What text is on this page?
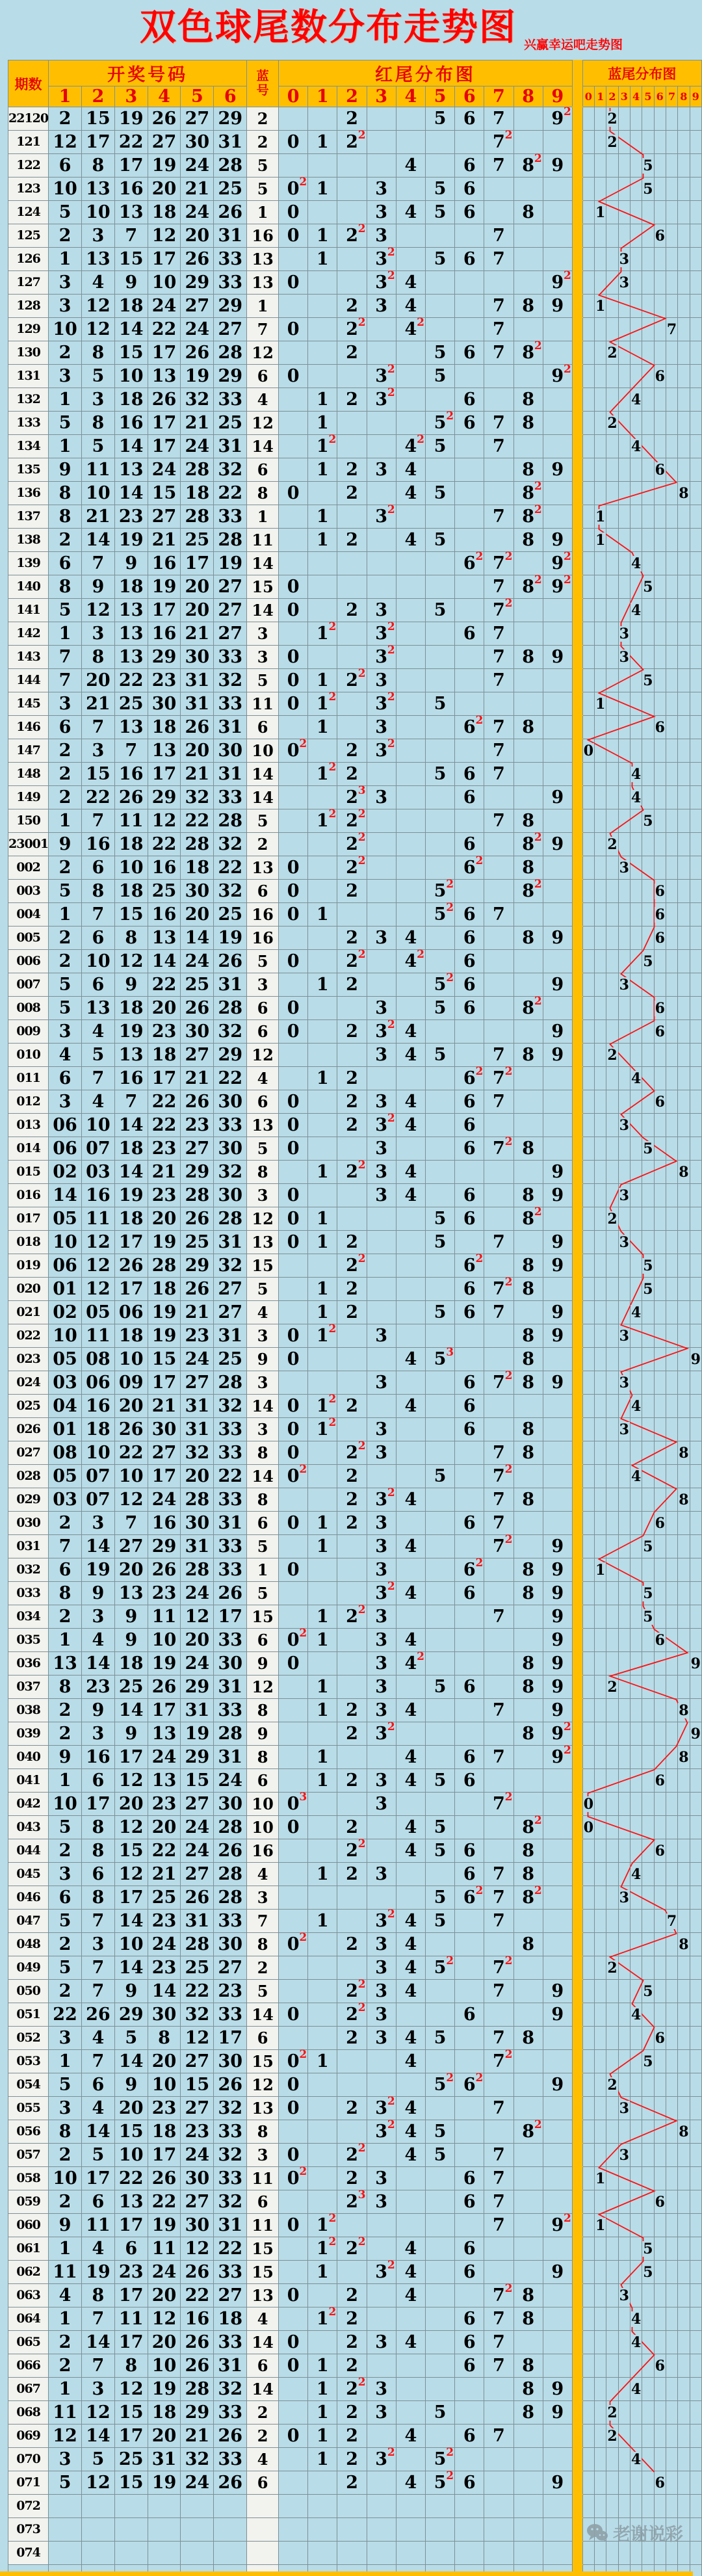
双色球尾数分布走势图 兴赢幸运吧走势图
期数	开奖号码						蓝
号	红尾分布图											蓝尾分布图									
	1	2	3	4	5	6		0	1	2	3	4	5	6	7	8	9		0	1	2	3	4	5	6	7	8	9
22120	2	15	19	26	27	29	2			2			5	6	7		9 2				2							
121	12	17	22	27	30	31	2	0	1	2 2					7 2						2							
122	6	8	17	19	24	28	5					4		6	7	8 2	9							5				
123	10	13	16	20	21	25	5	0 2	1		3		5	6										5				
124	5	10	13	18	24	26	1	0			3	4	5	6		8				1								
125	2	3	7	12	20	31	16	0	1	2 2	3				7										6			
126	1	13	15	17	26	33	13		1		3 2		5	6	7							3						
127	3	4	9	10	29	33	13	0			3 2	4					9 2					3						
128	3	12	18	24	27	29	1			2	3	4			7	8	9			1								
129	10	12	14	22	24	27	7	0		2 2		4 2			7											7		
130	2	8	15	17	26	28	12			2			5	6	7	8 2					2							
131	3	5	10	13	19	29	6	0			3 2		5				9 2								6			
132	1	3	18	26	32	33	4		1	2	3 2			6		8							4					
133	5	8	16	17	21	25	12		1				5 2	6	7	8					2							
134	1	5	14	17	24	31	14		1 2			4 2	5		7								4					
135	9	11	13	24	28	32	6		1	2	3	4				8	9								6			
136	8	10	14	15	18	22	8	0		2		4	5			8 2											8	
137	8	21	23	27	28	33	1		1		3 2				7	8 2				1								
138	2	14	19	21	25	28	11		1	2		4	5			8	9			1								
139	6	7	9	16	17	19	14							6 2	7 2		9 2						4					
140	8	9	18	19	20	27	15	0							7	8 2	9 2							5				
141	5	12	13	17	20	27	14	0		2	3		5		7 2								4					
142	1	3	13	16	21	27	3		1 2		3 2			6	7							3						
143	7	8	13	29	30	33	3	0			3 2				7	8	9					3						
144	7	20	22	23	31	32	5	0	1	2 2	3				7									5				
145	3	21	25	30	31	33	11	0	1 2		3 2		5							1								
146	6	7	13	18	26	31	6		1		3			6 2	7	8									6			
147	2	3	7	13	20	30	10	0 2		2	3 2				7				0									
148	2	15	16	17	21	31	14		1 2	2			5	6	7								4					
149	2	22	26	29	32	33	14			2 3	3			6			9						4					
150	1	7	11	12	22	28	5		1 2	2 2					7	8								5				
23001	9	16	18	22	28	32	2			2 2				6		8 2	9				2							
002	2	6	10	16	18	22	13	0		2 2				6 2		8						3						
003	5	8	18	25	30	32	6	0		2			5 2			8 2									6			
004	1	7	15	16	20	25	16	0	1				5 2	6	7										6			
005	2	6	8	13	14	19	16			2	3	4		6		8	9								6			
006	2	10	12	14	24	26	5	0		2 2		4 2		6										5				
007	5	6	9	22	25	31	3		1	2			5 2	6			9					3						
008	5	13	18	20	26	28	6	0			3		5	6		8 2									6			
009	3	4	19	23	30	32	6	0		2	3 2	4					9								6			
010	4	5	13	18	27	29	12				3	4	5		7	8	9				2							
011	6	7	16	17	21	22	4		1	2				6 2	7 2								4					
012	3	4	7	22	26	30	6	0		2	3	4		6	7										6			
013	06	10	14	22	23	33	13	0		2	3 2	4		6								3						
014	06	07	18	23	27	30	5	0			3			6	7 2	8								5				
015	02	03	14	21	29	32	8		1	2 2	3	4					9										8	
016	14	16	19	23	28	30	3	0			3	4		6		8	9					3						
017	05	11	18	20	26	28	12	0	1				5	6		8 2					2							
018	10	12	17	19	25	31	13	0	1	2			5		7		9					3						
019	06	12	26	28	29	32	15			2 2				6 2		8	9							5				
020	01	12	17	18	26	27	5		1	2				6	7 2	8								5				
021	02	05	06	19	21	27	4		1	2			5	6	7		9						4					
022	10	11	18	19	23	31	3	0	1 2		3					8	9					3						
023	05	08	10	15	24	25	9	0				4	5 3			8												9
024	03	06	09	17	27	28	3				3			6	7 2	8	9					3						
025	04	16	20	21	31	32	14	0	1 2	2		4		6									4					
026	01	18	26	30	31	33	3	0	1 2		3			6		8						3						
027	08	10	22	27	32	33	8	0		2 2	3				7	8											8	
028	05	07	10	17	20	22	14	0 2		2			5		7 2								4					
029	03	07	12	24	28	33	8			2	3 2	4			7	8											8	
030	2	3	7	16	30	31	6	0	1	2	3			6	7										6			
031	7	14	27	29	31	33	5		1		3	4			7 2		9							5				
032	6	19	20	26	28	33	1	0			3			6 2		8	9			1								
033	8	9	13	23	24	26	5				3 2	4		6		8	9							5				
034	2	3	9	11	12	17	15		1	2 2	3				7		9							5				
035	1	4	9	10	20	33	6	0 2	1		3	4					9								6			
036	13	14	18	19	24	30	9	0			3	4 2				8	9											9
037	8	23	25	26	29	31	12		1		3		5	6		8	9				2							
038	2	9	14	17	31	33	8		1	2	3	4			7		9										8	
039	2	3	9	13	19	28	9			2	3 2					8	9 2											9
040	9	16	17	24	29	31	8		1			4		6	7		9 2										8	
041	1	6	12	13	15	24	6		1	2	3	4	5	6											6			
042	10	17	20	23	27	30	10	0 3			3				7 2				0									
043	5	8	12	20	24	28	10	0		2		4	5			8 2			0									
044	2	8	15	22	24	26	16			2 2		4	5	6		8									6			
045	3	6	12	21	27	28	4		1	2	3			6	7	8							4					
046	6	8	17	25	26	28	3						5	6 2	7	8 2						3						
047	5	7	14	23	31	33	7		1		3 2	4	5		7											7		
048	2	3	10	24	28	30	8	0 2		2	3	4				8											8	
049	5	7	14	23	25	27	2				3	4	5 2		7 2						2							
050	2	7	9	14	22	23	5			2 2	3	4			7		9							5				
051	22	26	29	30	32	33	14	0		2 2	3			6			9						4					
052	3	4	5	8	12	17	6			2	3	4	5		7	8									6			
053	1	7	14	20	27	30	15	0 2	1			4			7 2									5				
054	5	6	9	10	15	26	12	0					5 2	6 2			9				2							
055	3	4	20	23	27	32	13	0		2	3 2	4			7							3						
056	8	14	15	18	23	33	8				3 2	4	5			8 2											8	
057	2	5	10	17	24	32	3	0		2 2		4	5		7							3						
058	10	17	22	26	30	33	11	0 2		2	3			6	7					1								
059	2	6	13	22	27	32	6			2 3	3			6	7										6			
060	9	11	17	19	30	31	11	0	1 2						7		9 2			1								
061	1	4	6	11	12	22	15		1 2	2 2		4		6										5				
062	11	19	23	24	26	33	15		1		3 2	4		6			9							5				
063	4	8	17	20	22	27	13	0		2		4			7 2	8						3						
064	1	7	11	12	16	18	4		1 2	2				6	7	8							4					
065	2	14	17	20	26	33	14	0		2	3	4		6	7								4					
066	2	7	8	10	26	31	6	0	1	2				6	7	8									6			
067	1	3	12	19	28	32	14		1	2 2	3					8	9						4					
068	11	12	15	18	29	33	2		1	2	3		5			8	9				2							
069	12	14	17	20	21	26	2	0	1	2		4		6	7						2							
070	3	5	25	31	32	33	4		1	2	3 2		5 2										4					
071	5	12	15	19	24	26	6			2		4	5 2	6			9								6			
072																												
073																												
074																												

老谢说彩
